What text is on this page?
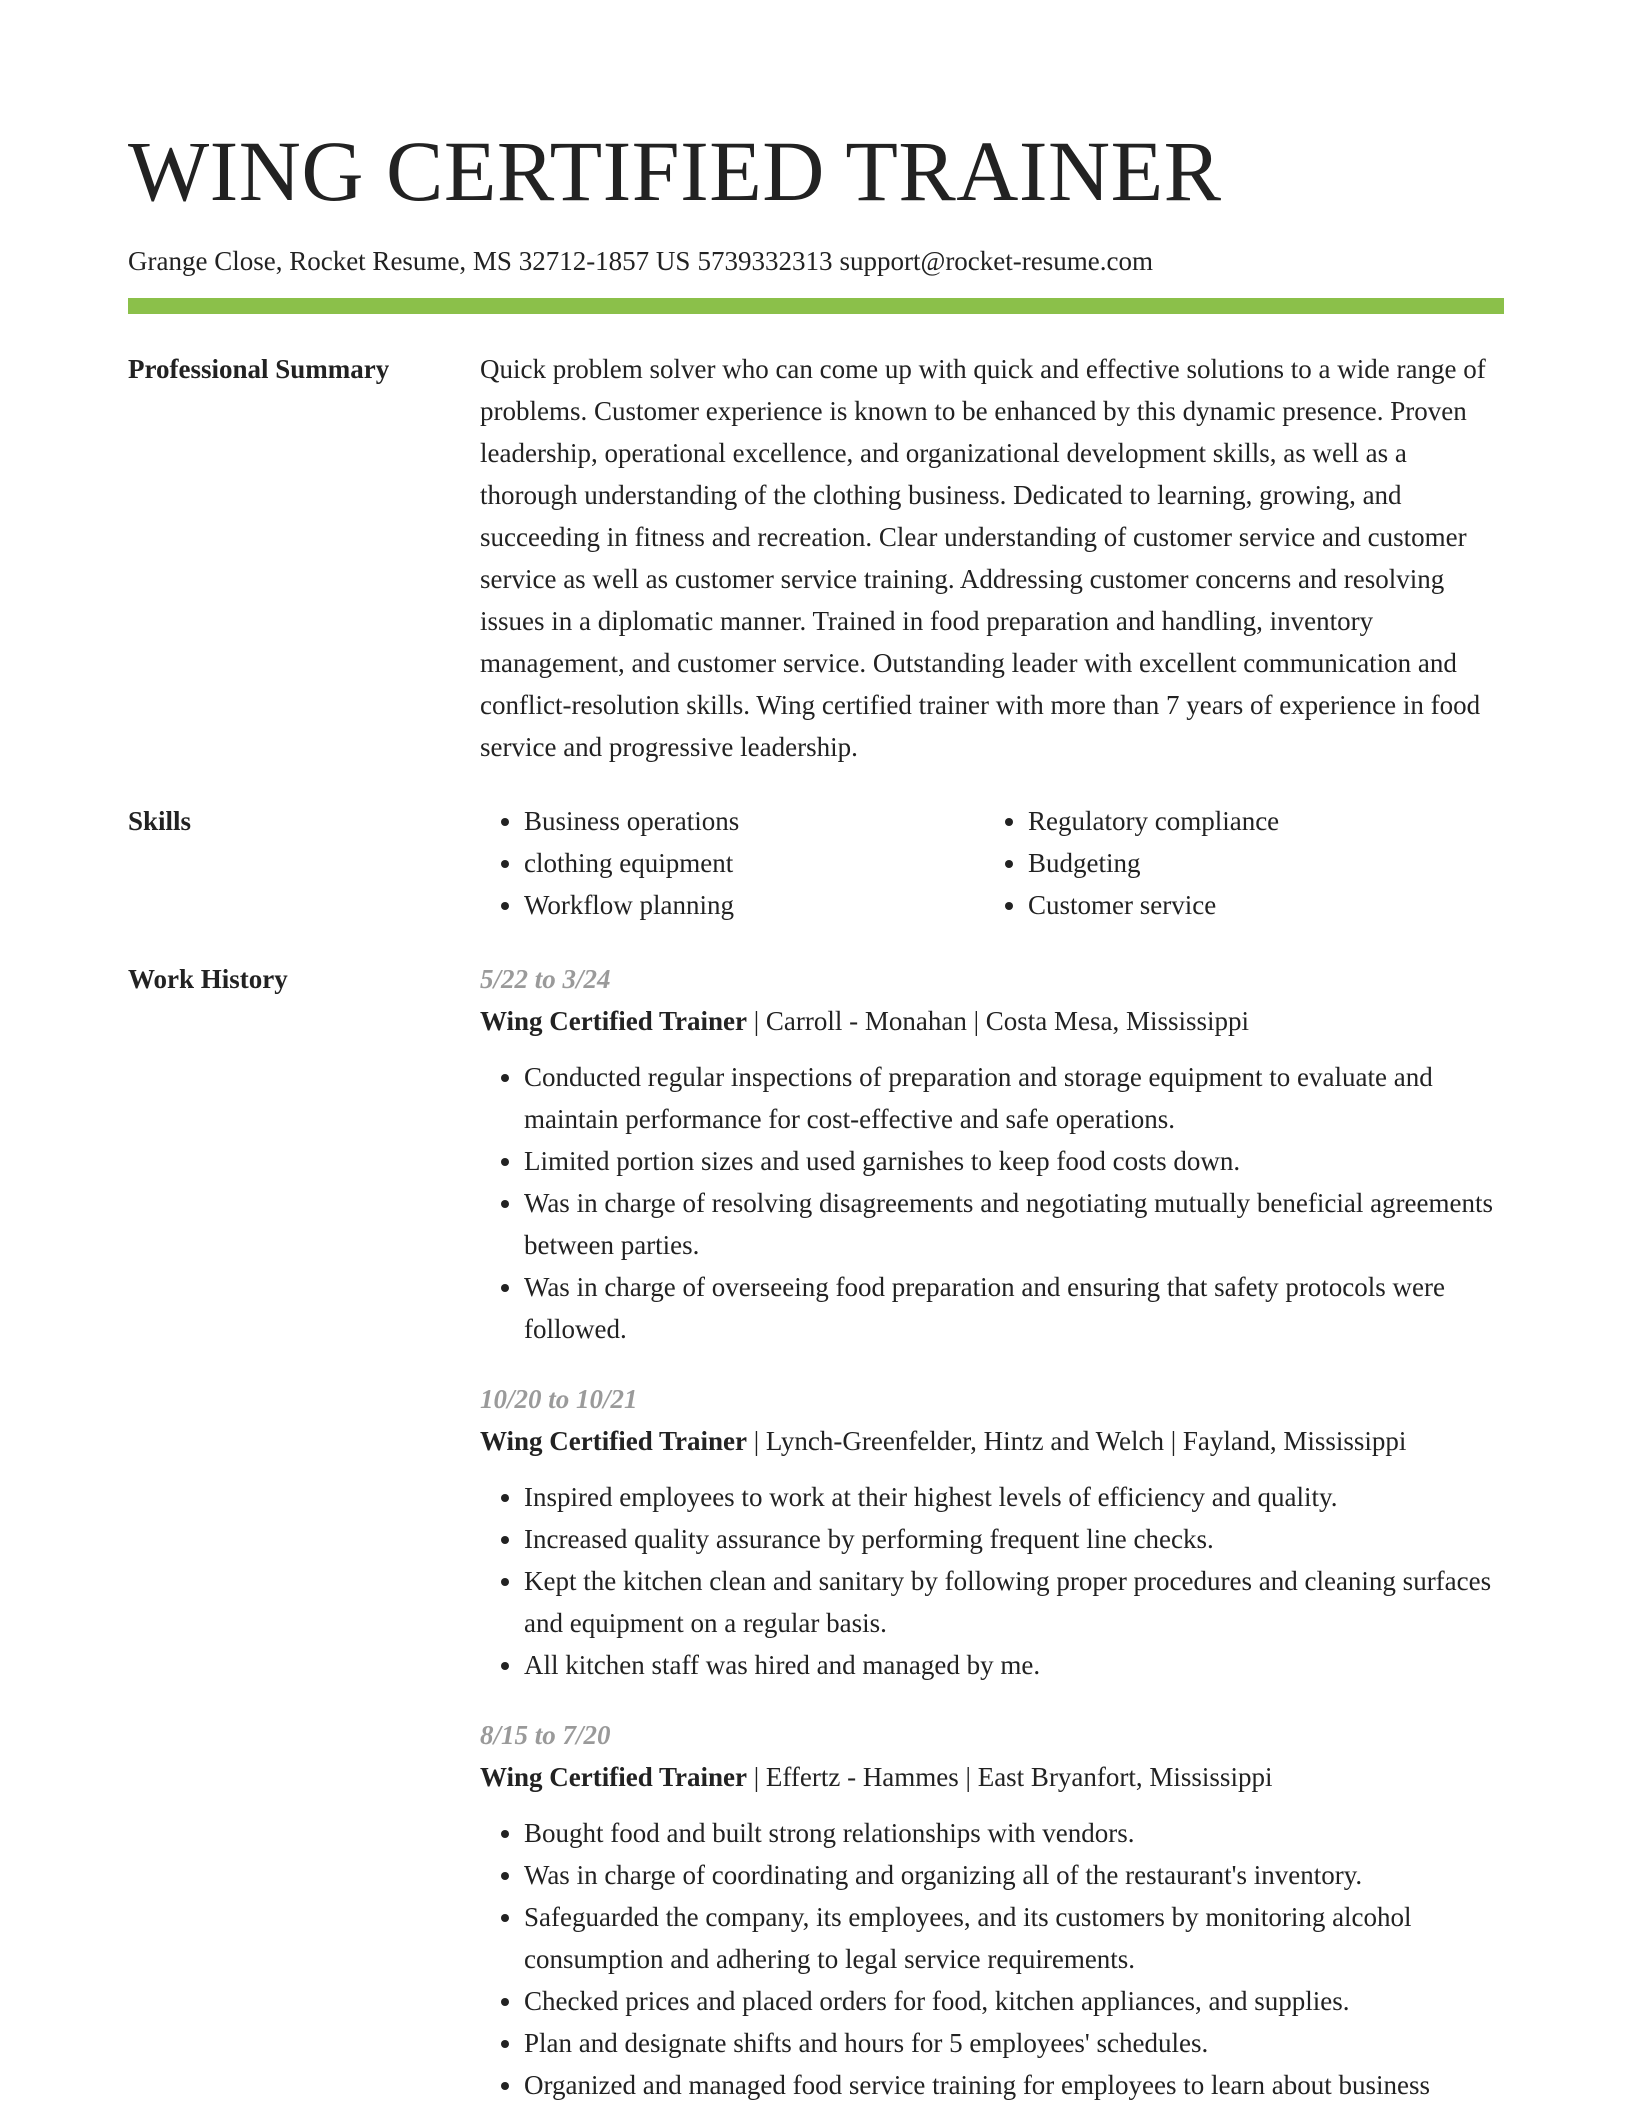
WING CERTIFIED TRAINER
Grange Close, Rocket Resume, MS 32712-1857 US 5739332313 support@rocket-resume.com
Professional Summary	Quick problem solver who can come up with quick and effective solutions to a wide range of problems. Customer experience is known to be enhanced by this dynamic presence. Proven leadership, operational excellence, and organizational development skills, as well as a thorough understanding of the clothing business. Dedicated to learning, growing, and succeeding in fitness and recreation. Clear understanding of customer service and customer service as well as customer service training. Addressing customer concerns and resolving issues in a diplomatic manner. Trained in food preparation and handling, inventory management, and customer service. Outstanding leader with excellent communication and conflict-resolution skills. Wing certified trainer with more than 7 years of experience in food service and progressive leadership.

Skills
•	Business operations
• clothing equipment
• Workflow planning
• Regulatory compliance
• Budgeting
• Customer service
Work History	5/22 to 3/24
Wing Certified Trainer | Carroll - Monahan | Costa Mesa, Mississippi
• Conducted regular inspections of preparation and storage equipment to evaluate and maintain performance for cost-effective and safe operations.
• Limited portion sizes and used garnishes to keep food costs down.
• Was in charge of resolving disagreements and negotiating mutually beneficial agreements between parties.
• Was in charge of overseeing food preparation and ensuring that safety protocols were followed.
10/20 to 10/21
Wing Certified Trainer | Lynch-Greenfelder, Hintz and Welch | Fayland, Mississippi
• Inspired employees to work at their highest levels of efficiency and quality.
• Increased quality assurance by performing frequent line checks.
• Kept the kitchen clean and sanitary by following proper procedures and cleaning surfaces and equipment on a regular basis.
• All kitchen staff was hired and managed by me.
8/15 to 7/20
Wing Certified Trainer | Effertz - Hammes | East Bryanfort, Mississippi
• Bought food and built strong relationships with vendors.
• Was in charge of coordinating and organizing all of the restaurant's inventory.
• Safeguarded the company, its employees, and its customers by monitoring alcohol consumption and adhering to legal service requirements.
• Checked prices and placed orders for food, kitchen appliances, and supplies.
• Plan and designate shifts and hours for 5 employees' schedules.
• Organized and managed food service training for employees to learn about business
